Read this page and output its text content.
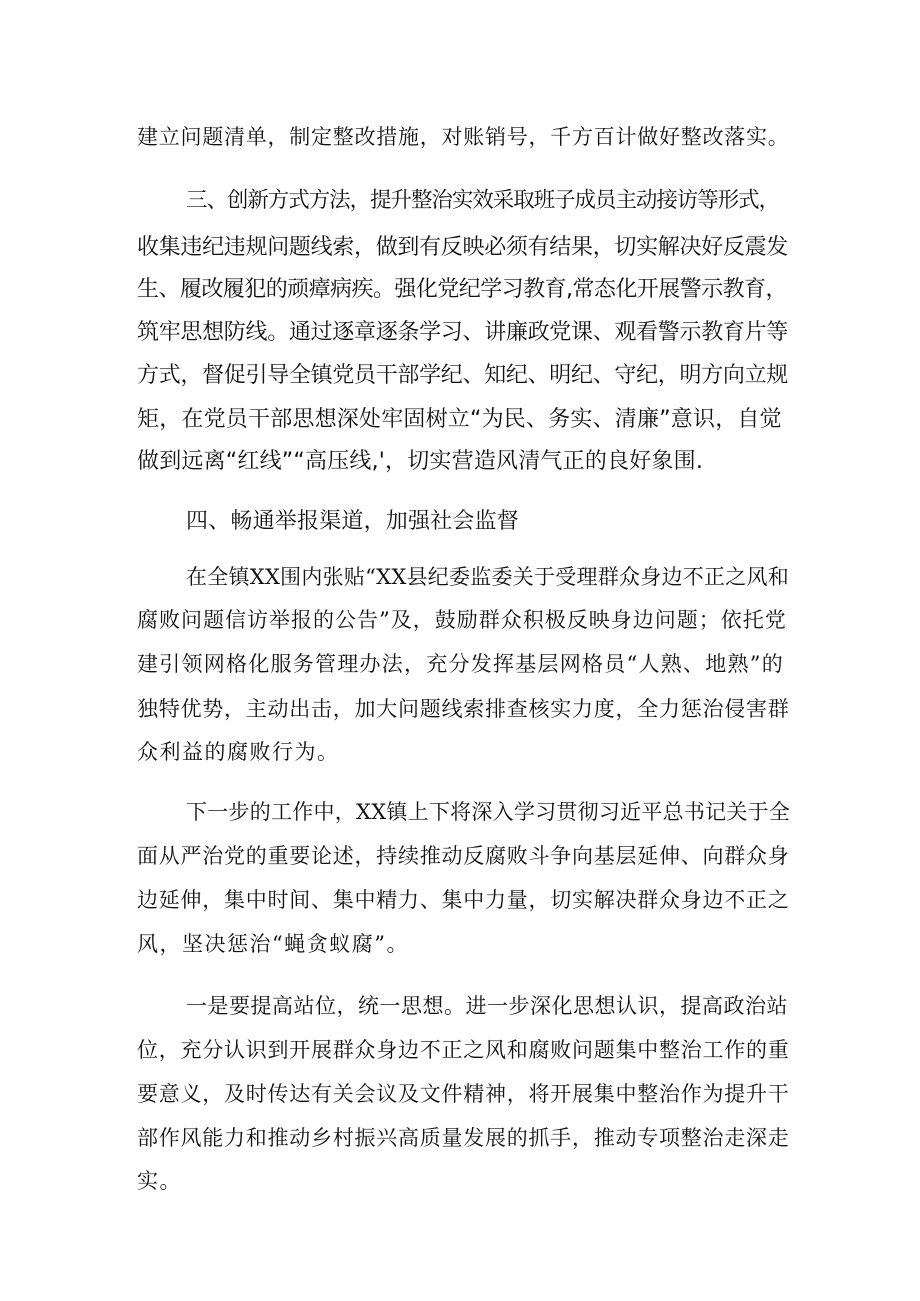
建立问题清单，制定整改措施，对账销号，千方百计做好整改落实。

三、创新方式方法，提升整治实效采取班子成员主动接访等形式，

收集违纪违规问题线索，做到有反映必须有结果，切实解决好反震发

生、履改履犯的顽瘴病疾。强化党纪学习教育,常态化开展警示教育，

筑牢思想防线。通过逐章逐条学习、讲廉政党课、观看警示教育片等

方式，督促引导全镇党员干部学纪、知纪、明纪、守纪，明方向立规

矩，在党员干部思想深处牢固树立“为民、务实、清廉”意识，自觉

做到远离“红线”“高压线,'，切实营造风清气正的良好象围.

四、畅通举报渠道，加强社会监督

在全镇XX围内张贴“XX县纪委监委关于受理群众身边不正之风和

腐败问题信访举报的公告”及，鼓励群众积极反映身边问题；依托党

建引领网格化服务管理办法，充分发挥基层网格员“人熟、地熟”的

独特优势，主动出击，加大问题线索排查核实力度，全力惩治侵害群

众利益的腐败行为。

下一步的工作中，XX镇上下将深入学习贯彻习近平总书记关于全

面从严治党的重要论述，持续推动反腐败斗争向基层延伸、向群众身

边延伸，集中时间、集中精力、集中力量，切实解决群众身边不正之

风，坚决惩治“蝇贪蚁腐”。

一是要提高站位，统一思想。进一步深化思想认识，提高政治站

位，充分认识到开展群众身边不正之风和腐败问题集中整治工作的重

要意义，及时传达有关会议及文件精神，将开展集中整治作为提升干

部作风能力和推动乡村振兴高质量发展的抓手，推动专项整治走深走

实。
